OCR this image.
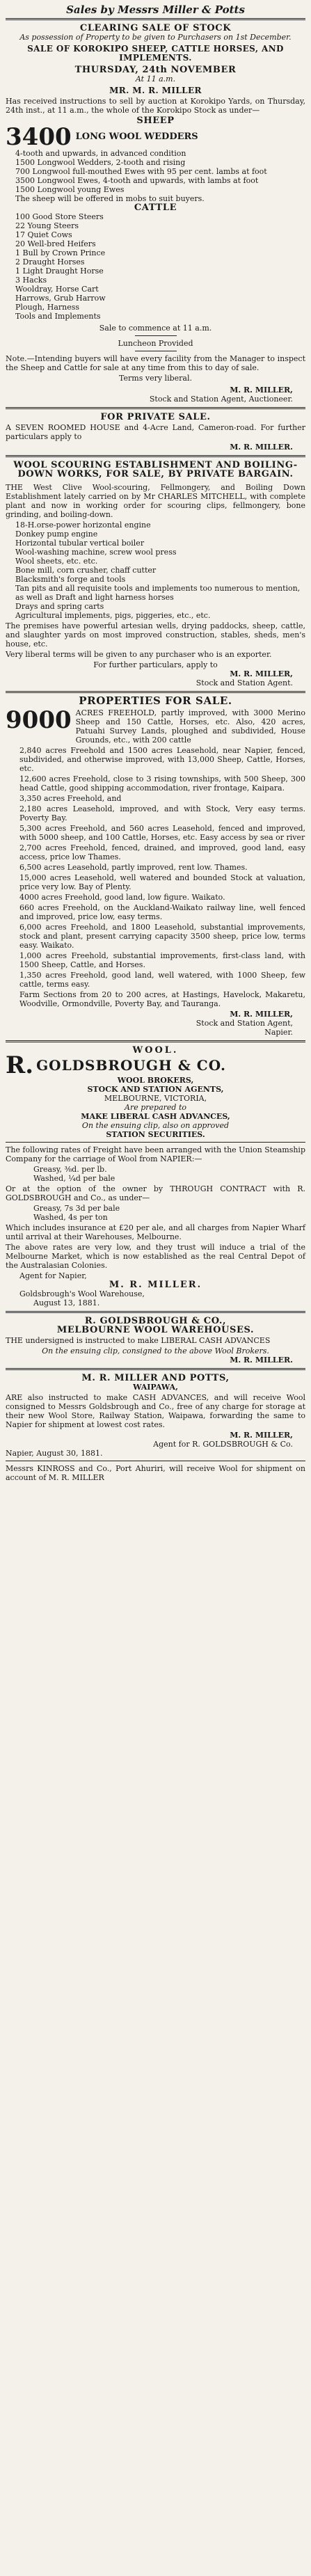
Sales by Messrs Miller & Potts
CLEARING SALE OF STOCK
As possession of Property to be given to Purchasers on 1st December.
SALE OF KOROKIPO SHEEP, CATTLE HORSES, AND IMPLEMENTS.
THURSDAY, 24th NOVEMBER
At 11 a.m.
MR. M. R. MILLER

Has received instructions to sell by auction at Korokipo Yards, on Thursday, 24th inst., at 11 a.m., the whole of the Korokipo Stock as under—

SHEEP
3400 LONG WOOL WEDDERS
4-tooth and upwards, in advanced condition
1500 Longwool Wedders, 2-tooth and rising
700 Longwool full-mouthed Ewes with 95 per cent. lambs at foot
3500 Longwool Ewes, 4-tooth and upwards, with lambs at foot
1500 Longwool young Ewes
The sheep will be offered in mobs to suit buyers.
CATTLE
100 Good Store Steers
22 Young Steers
17 Quiet Cows
20 Well-bred Heifers
1 Bull by Crown Prince
2 Draught Horses
1 Light Draught Horse
3 Hacks
Wooldray, Horse Cart
Harrows, Grub Harrow
Plough, Harness
Tools and Implements
Sale to commence at 11 a.m.
Luncheon Provided

Note.—Intending buyers will have every facility from the Manager to inspect the Sheep and Cattle for sale at any time from this to day of sale.

Terms very liberal.
M. R. MILLER,
Stock and Station Agent, Auctioneer.
FOR PRIVATE SALE.

A SEVEN ROOMED HOUSE and 4-Acre Land, Cameron-road. For further particulars apply to

M. R. MILLER.
WOOL SCOURING ESTABLISHMENT AND BOILING-DOWN WORKS, FOR SALE, BY PRIVATE BARGAIN.

THE West Clive Wool-scouring, Fellmongery, and Boiling Down Establishment lately carried on by Mr CHARLES MITCHELL, with complete plant and now in working order for scouring clips, fellmongery, bone grinding, and boiling-down.

18-H.orse-power horizontal engine
Donkey pump engine
Horizontal tubular vertical boiler
Wool-washing machine, screw wool press
Wool sheets, etc. etc.
Bone mill, corn crusher, chaff cutter
Blacksmith's forge and tools
Tan pits and all requisite tools and implements too numerous to mention, as well as Draft and light harness horses
Drays and spring carts
Agricultural implements, pigs, piggeries, etc., etc.

The premises have powerful artesian wells, drying paddocks, sheep, cattle, and slaughter yards on most improved construction, stables, sheds, men's house, etc.

Very liberal terms will be given to any purchaser who is an exporter.

For further particulars, apply to
M. R. MILLER,
Stock and Station Agent.
PROPERTIES FOR SALE.
9000 ACRES FREEHOLD, partly improved, with 3000 Merino Sheep and 150 Cattle, Horses, etc. Also, 420 acres, Patuahi Survey Lands, ploughed and subdivided, House Grounds, etc., with 200 cattle

2,840 acres Freehold and 1500 acres Leasehold, near Napier, fenced, subdivided, and otherwise improved, with 13,000 Sheep, Cattle, Horses, etc.

12,600 acres Freehold, close to 3 rising townships, with 500 Sheep, 300 head Cattle, good shipping accommodation, river frontage, Kaipara.

3,350 acres Freehold, and

2,180 acres Leasehold, improved, and with Stock, Very easy terms. Poverty Bay.

5,300 acres Freehold, and 560 acres Leasehold, fenced and improved, with 5000 sheep, and 100 Cattle, Horses, etc. Easy access by sea or river

2,700 acres Freehold, fenced, drained, and improved, good land, easy access, price low Thames.

6,500 acres Leasehold, partly improved, rent low. Thames.

15,000 acres Leasehold, well watered and bounded Stock at valuation, price very low. Bay of Plenty.

4000 acres Freehold, good land, low figure. Waikato.

660 acres Freehold, on the Auckland-Waikato railway line, well fenced and improved, price low, easy terms.

6,000 acres Freehold, and 1800 Leasehold, substantial improvements, stock and plant, present carrying capacity 3500 sheep, price low, terms easy. Waikato.

1,000 acres Freehold, substantial improvements, first-class land, with 1500 Sheep, Cattle, and Horses.

1,350 acres Freehold, good land, well watered, with 1000 Sheep, few cattle, terms easy.

Farm Sections from 20 to 200 acres, at Hastings, Havelock, Makaretu, Woodville, Ormondville, Poverty Bay, and Taurangа.

M. R. MILLER,
Stock and Station Agent,
Napier.
WOOL.
R. GOLDSBROUGH & CO.
WOOL BROKERS,
STOCK AND STATION AGENTS,
MELBOURNE, VICTORIA,
Are prepared to
MAKE LIBERAL CASH ADVANCES,
On the ensuing clip, also on approved
STATION SECURITIES.

The following rates of Freight have been arranged with the Union Steamship Company for the carriage of Wool from NAPIER:—

Greasy, ⅜d. per lb.
Washed, ¼d per bale

Or at the option of the owner by THROUGH CONTRACT with R. GOLDSBROUGH and Co., as under—

Greasy, 7s 3d per bale
Washed, 4s per ton

Which includes insurance at £20 per ale, and all charges from Napier Wharf until arrival at their Warehouses, Melbourne.

The above rates are very low, and they trust will induce a trial of the Melbourne Market, which is now established as the real Central Depot of the Australasian Colonies.

Agent for Napier,
M. R. MILLER.
Goldsbrough's Wool Warehouse,
August 13, 1881.
R. GOLDSBROUGH & CO.,
MELBOURNE WOOL WAREHOUSES.

THE undersigned is instructed to make LIBERAL CASH ADVANCES

On the ensuing clip, consigned to the above Wool Brokers.
M. R. MILLER.
M. R. MILLER AND POTTS,
WAIPAWA,

ARE also instructed to make CASH ADVANCES, and will receive Wool consigned to Messrs Goldsbrough and Co., free of any charge for storage at their new Wool Store, Railway Station, Waipawa, forwarding the same to Napier for shipment at lowest cost rates.

M. R. MILLER,
Agent for R. GOLDSBROUGH & Co.
Napier, August 30, 1881.

Messrs KINROSS and Co., Port Ahuriri, will receive Wool for shipment on account of M. R. MILLER
